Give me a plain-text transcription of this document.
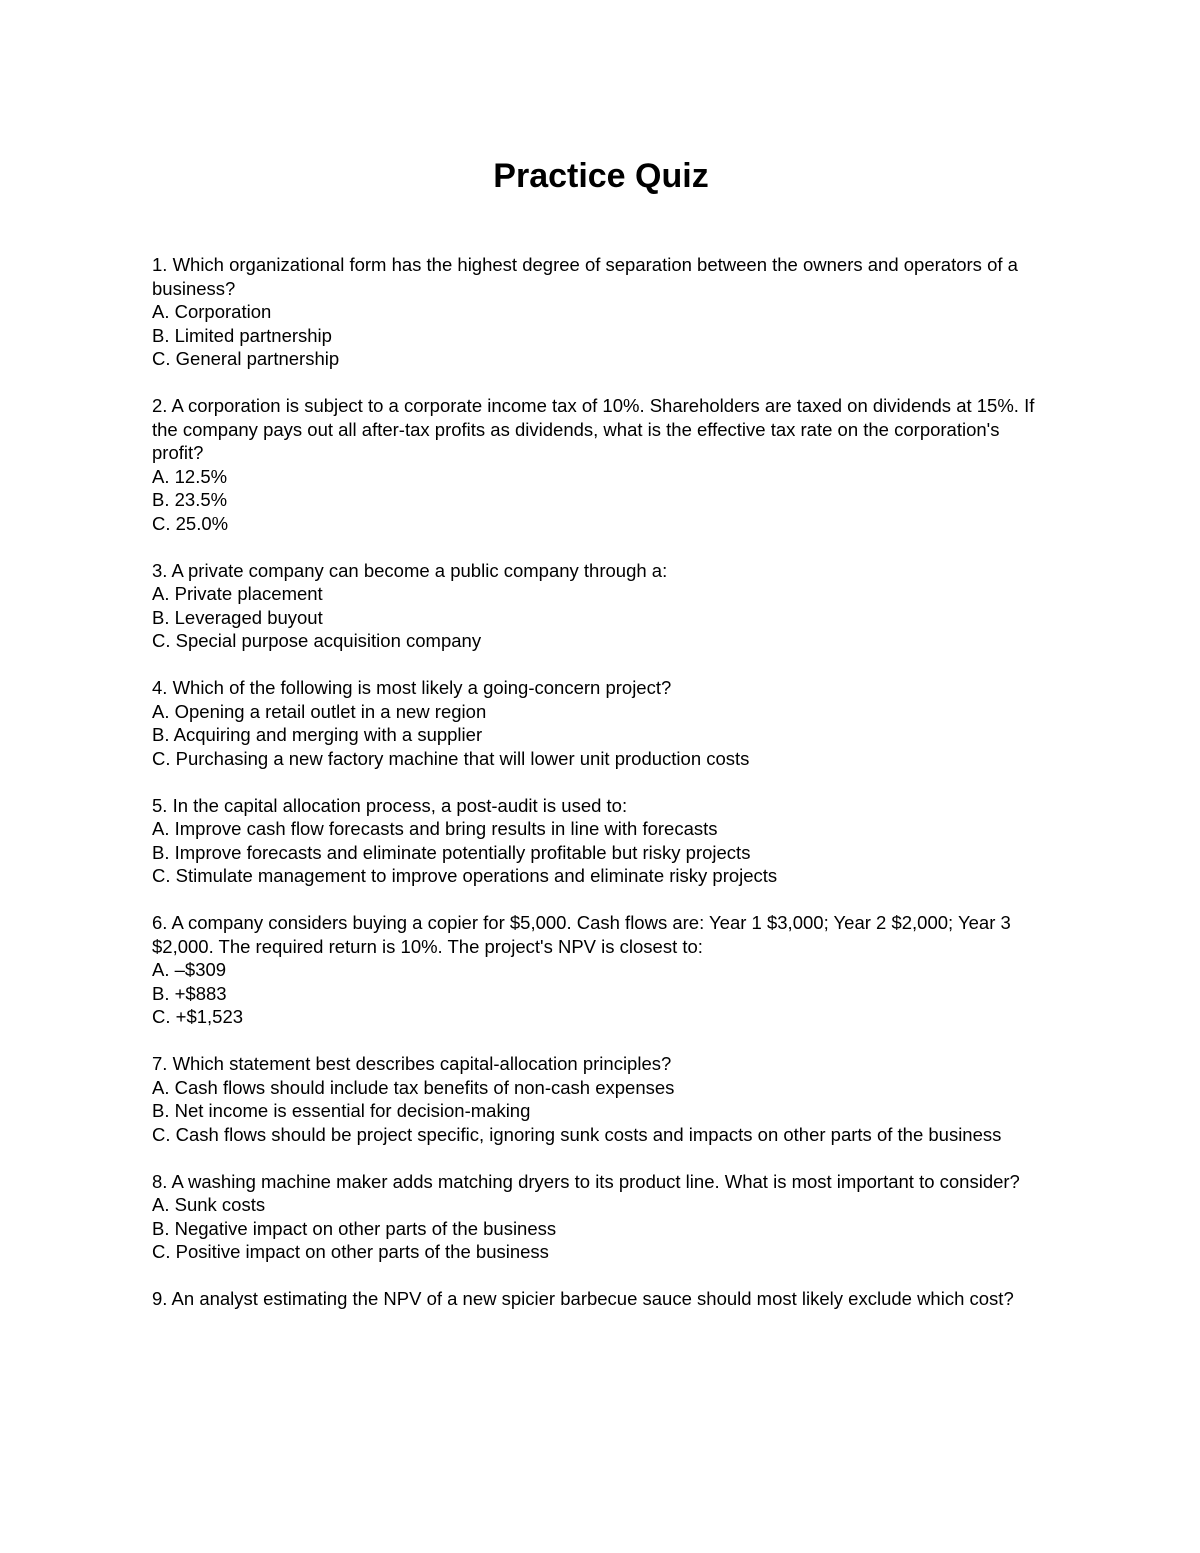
Practice Quiz

1. Which organizational form has the highest degree of separation between the owners and operators of a business?

A. Corporation

B. Limited partnership

C. General partnership

2. A corporation is subject to a corporate income tax of 10%. Shareholders are taxed on dividends at 15%. If the company pays out all after-tax profits as dividends, what is the effective tax rate on the corporation's profit?

A. 12.5%

B. 23.5%

C. 25.0%

3. A private company can become a public company through a:

A. Private placement

B. Leveraged buyout

C. Special purpose acquisition company

4. Which of the following is most likely a going-concern project?

A. Opening a retail outlet in a new region

B. Acquiring and merging with a supplier

C. Purchasing a new factory machine that will lower unit production costs

5. In the capital allocation process, a post-audit is used to:

A. Improve cash flow forecasts and bring results in line with forecasts

B. Improve forecasts and eliminate potentially profitable but risky projects

C. Stimulate management to improve operations and eliminate risky projects

6. A company considers buying a copier for $5,000. Cash flows are: Year 1 $3,000; Year 2 $2,000; Year 3 $2,000. The required return is 10%. The project's NPV is closest to:

A. –$309

B. +$883

C. +$1,523

7. Which statement best describes capital-allocation principles?

A. Cash flows should include tax benefits of non-cash expenses

B. Net income is essential for decision-making

C. Cash flows should be project specific, ignoring sunk costs and impacts on other parts of the business

8. A washing machine maker adds matching dryers to its product line. What is most important to consider?

A. Sunk costs

B. Negative impact on other parts of the business

C. Positive impact on other parts of the business

9. An analyst estimating the NPV of a new spicier barbecue sauce should most likely exclude which cost?
